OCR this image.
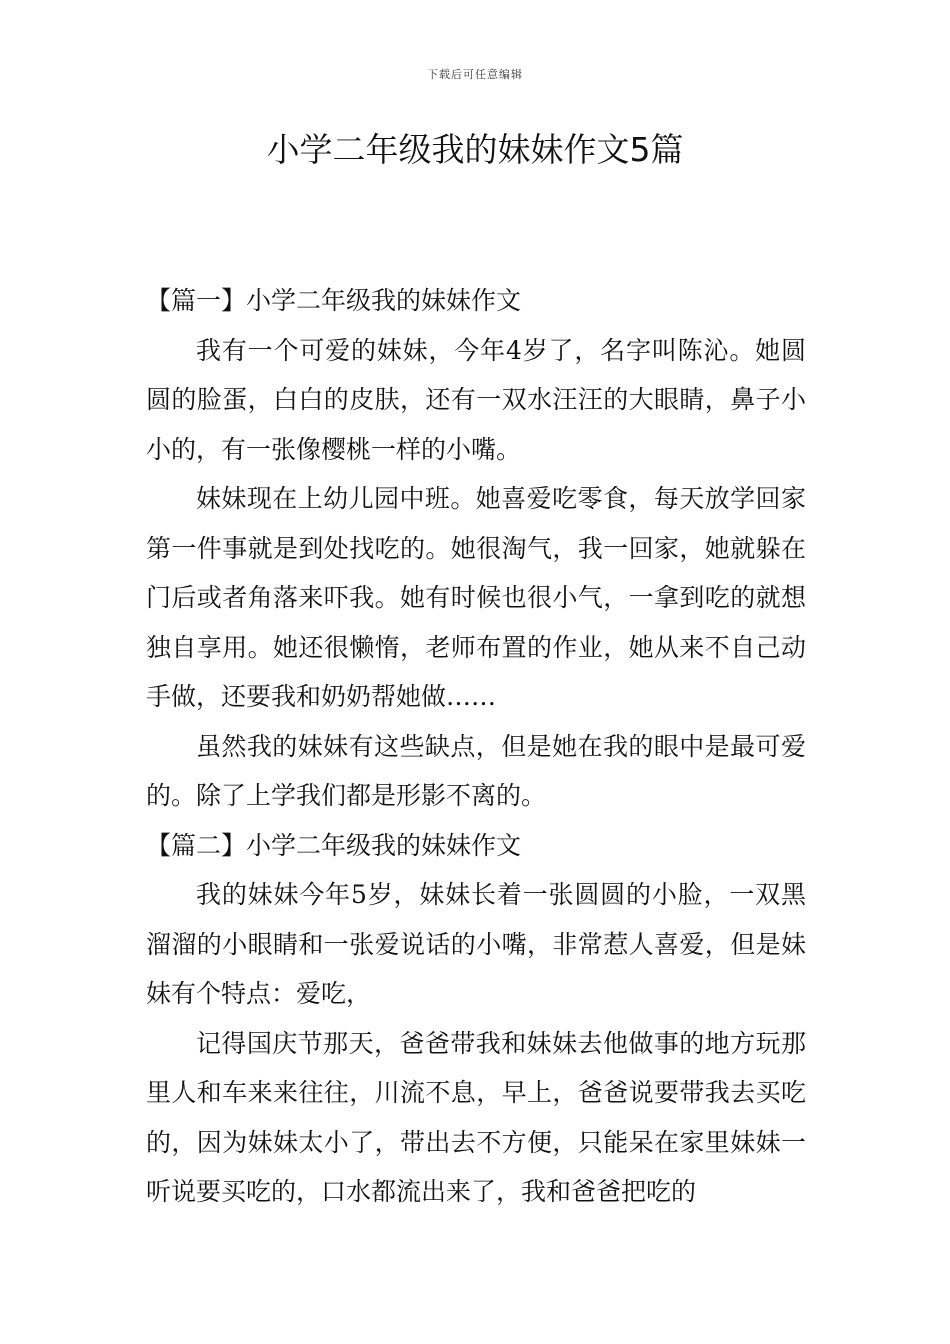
下载后可任意编辑
小学二年级我的妹妹作文5篇

【篇一】小学二年级我的妹妹作文

我有一个可爱的妹妹，今年4岁了，名字叫陈沁。她圆圆的脸蛋，白白的皮肤，还有一双水汪汪的大眼睛，鼻子小小的，有一张像樱桃一样的小嘴。

妹妹现在上幼儿园中班。她喜爱吃零食，每天放学回家第一件事就是到处找吃的。她很淘气，我一回家，她就躲在门后或者角落来吓我。她有时候也很小气，一拿到吃的就想独自享用。她还很懒惰，老师布置的作业，她从来不自己动手做，还要我和奶奶帮她做……

虽然我的妹妹有这些缺点，但是她在我的眼中是最可爱的。除了上学我们都是形影不离的。

【篇二】小学二年级我的妹妹作文

我的妹妹今年5岁，妹妹长着一张圆圆的小脸，一双黑溜溜的小眼睛和一张爱说话的小嘴，非常惹人喜爱，但是妹妹有个特点：爱吃，

记得国庆节那天，爸爸带我和妹妹去他做事的地方玩那里人和车来来往往，川流不息，早上，爸爸说要带我去买吃的，因为妹妹太小了，带出去不方便，只能呆在家里妹妹一听说要买吃的，口水都流出来了，我和爸爸把吃的
